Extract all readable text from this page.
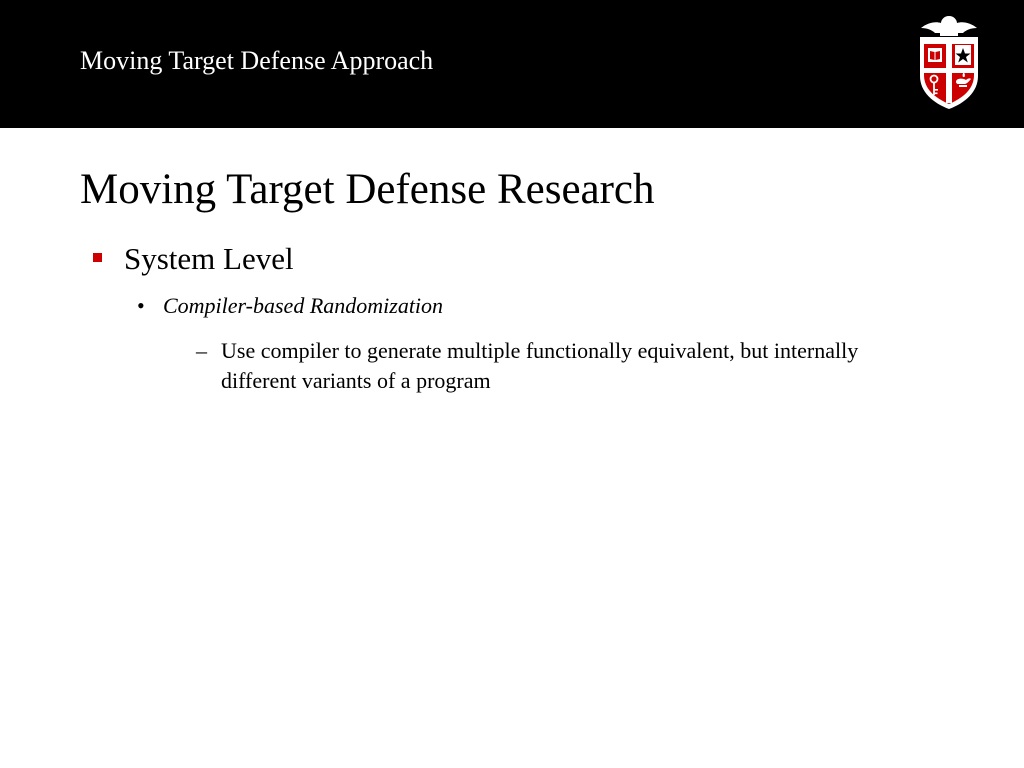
Moving Target Defense Approach
Moving Target Defense Research
System Level
• Compiler-based Randomization
– Use compiler to generate multiple functionally equivalent, but internally different variants of a program
